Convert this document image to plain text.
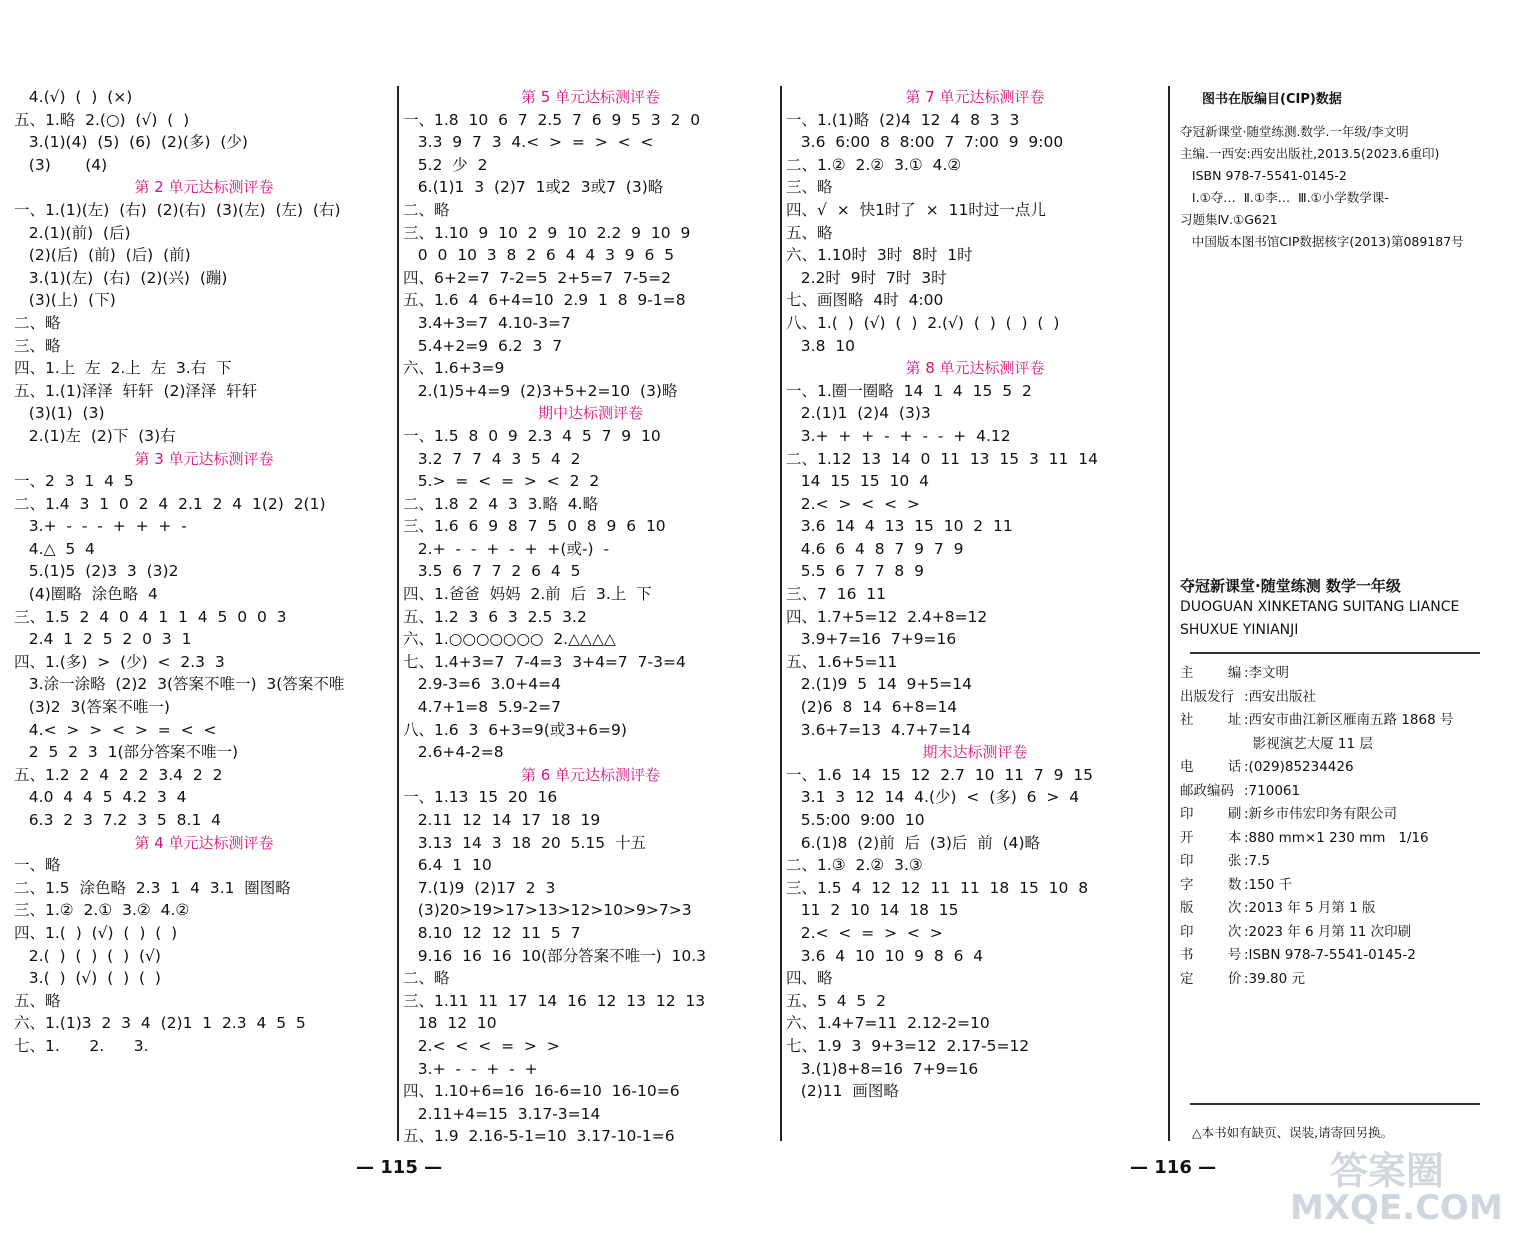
4.(√)  (  )  (×)
五、1.略  2.(○)  (√)  (  )
3.(1)(4)  (5)  (6)  (2)(多)  (少)
(3)       (4)
第 2 单元达标测评卷
一、1.(1)(左)  (右)  (2)(右)  (3)(左)  (左)  (右)
2.(1)(前)  (后)
(2)(后)  (前)  (后)  (前)
3.(1)(左)  (右)  (2)(兴)  (蹦)
(3)(上)  (下)
二、略
三、略
四、1.上  左  2.上  左  3.右  下
五、1.(1)泽泽  轩轩  (2)泽泽  轩轩
(3)(1)  (3)
2.(1)左  (2)下  (3)右
第 3 单元达标测评卷
一、2  3  1  4  5
二、1.4  3  1  0  2  4  2.1  2  4  1(2)  2(1)
3.+  -  -  -  +  +  +  -
4.△  5  4
5.(1)5  (2)3  3  (3)2
(4)圈略  涂色略  4
三、1.5  2  4  0  4  1  1  4  5  0  0  3
2.4  1  2  5  2  0  3  1
四、1.(多)  >  (少)  <  2.3  3
3.涂一涂略  (2)2  3(答案不唯一)  3(答案不唯
(3)2  3(答案不唯一)
4.<  >  >  <  >  =  <  <
2  5  2  3  1(部分答案不唯一)
五、1.2  2  4  2  2  3.4  2  2
4.0  4  4  5  4.2  3  4
6.3  2  3  7.2  3  5  8.1  4
第 4 单元达标测评卷
一、略
二、1.5  涂色略  2.3  1  4  3.1  圈图略
三、1.②  2.①  3.②  4.②
四、1.(  )  (√)  (  )  (  )
2.(  )  (  )  (  )  (√)
3.(  )  (√)  (  )  (  )
五、略
六、1.(1)3  2  3  4  (2)1  1  2.3  4  5  5
七、1.      2.      3.
第 5 单元达标测评卷
一、1.8  10  6  7  2.5  7  6  9  5  3  2  0
3.3  9  7  3  4.<  >  =  >  <  <
5.2  少  2
6.(1)1  3  (2)7  1或2  3或7  (3)略
二、略
三、1.10  9  10  2  9  10  2.2  9  10  9
0  0  10  3  8  2  6  4  4  3  9  6  5
四、6+2=7  7-2=5  2+5=7  7-5=2
五、1.6  4  6+4=10  2.9  1  8  9-1=8
3.4+3=7  4.10-3=7
5.4+2=9  6.2  3  7
六、1.6+3=9
2.(1)5+4=9  (2)3+5+2=10  (3)略
期中达标测评卷
一、1.5  8  0  9  2.3  4  5  7  9  10
3.2  7  7  4  3  5  4  2
5.>  =  <  =  >  <  2  2
二、1.8  2  4  3  3.略  4.略
三、1.6  6  9  8  7  5  0  8  9  6  10
2.+  -  -  +  -  +  +(或-)  -
3.5  6  7  7  2  6  4  5
四、1.爸爸  妈妈  2.前  后  3.上  下
五、1.2  3  6  3  2.5  3.2
六、1.○○○○○○○  2.△△△△
七、1.4+3=7  7-4=3  3+4=7  7-3=4
2.9-3=6  3.0+4=4
4.7+1=8  5.9-2=7
八、1.6  3  6+3=9(或3+6=9)
2.6+4-2=8
第 6 单元达标测评卷
一、1.13  15  20  16
2.11  12  14  17  18  19
3.13  14  3  18  20  5.15  十五
6.4  1  10
7.(1)9  (2)17  2  3
(3)20>19>17>13>12>10>9>7>3
8.10  12  12  11  5  7
9.16  16  16  10(部分答案不唯一)  10.3
二、略
三、1.11  11  17  14  16  12  13  12  13
18  12  10
2.<  <  <  =  >  >
3.+  -  -  +  -  +
四、1.10+6=16  16-6=10  16-10=6
2.11+4=15  3.17-3=14
五、1.9  2.16-5-1=10  3.17-10-1=6
第 7 单元达标测评卷
一、1.(1)略  (2)4  12  4  8  3  3
3.6  6:00  8  8:00  7  7:00  9  9:00
二、1.②  2.②  3.①  4.②
三、略
四、√  ×  快1时了  ×  11时过一点儿
五、略
六、1.10时  3时  8时  1时
2.2时  9时  7时  3时
七、画图略  4时  4:00
八、1.(  )  (√)  (  )  2.(√)  (  )  (  )  (  )
3.8  10
第 8 单元达标测评卷
一、1.圈一圈略  14  1  4  15  5  2
2.(1)1  (2)4  (3)3
3.+  +  +  -  +  -  -  +  4.12
二、1.12  13  14  0  11  13  15  3  11  14
14  15  15  10  4
2.<  >  <  <  >
3.6  14  4  13  15  10  2  11
4.6  6  4  8  7  9  7  9
5.5  6  7  7  8  9
三、7  16  11
四、1.7+5=12  2.4+8=12
3.9+7=16  7+9=16
五、1.6+5=11
2.(1)9  5  14  9+5=14
(2)6  8  14  6+8=14
3.6+7=13  4.7+7=14
期末达标测评卷
一、1.6  14  15  12  2.7  10  11  7  9  15
3.1  3  12  14  4.(少)  <  (多)  6  >  4
5.5:00  9:00  10
6.(1)8  (2)前  后  (3)后  前  (4)略
二、1.③  2.②  3.③
三、1.5  4  12  12  11  11  18  15  10  8
11  2  10  14  18  15
2.<  <  =  >  <  >
3.6  4  10  10  9  8  6  4
四、略
五、5  4  5  2
六、1.4+7=11  2.12-2=10
七、1.9  3  9+3=12  2.17-5=12
3.(1)8+8=16  7+9=16
(2)11  画图略
图书在版编目(CIP)数据
夺冠新课堂·随堂练测.数学.一年级/李文明
主编.一西安:西安出版社,2013.5(2023.6重印)
ISBN 978-7-5541-0145-2
Ⅰ.①夺…  Ⅱ.①李…  Ⅲ.①小学数学课-
习题集Ⅳ.①G621
中国版本图书馆CIP数据核字(2013)第089187号
夺冠新课堂·随堂练测 数学一年级
DUOGUAN XINKETANG SUITANG LIANCE
SHUXUE YINIANJI
主        编 :李文明
出版发行 :西安出版社
社        址 :西安市曲江新区雁南五路 1868 号
影视演艺大厦 11 层
电        话 :(029)85234426
邮政编码 :710061
印        刷 :新乡市伟宏印务有限公司
开        本 :880 mm×1 230 mm   1/16
印        张 :7.5
字        数 :150 千
版        次 :2013 年 5 月第 1 版
印        次 :2023 年 6 月第 11 次印刷
书        号 :ISBN 978-7-5541-0145-2
定        价 :39.80 元
△本书如有缺页、误装,请寄回另换。
— 115 —	— 116 —	答案圈
MXQE.COM
